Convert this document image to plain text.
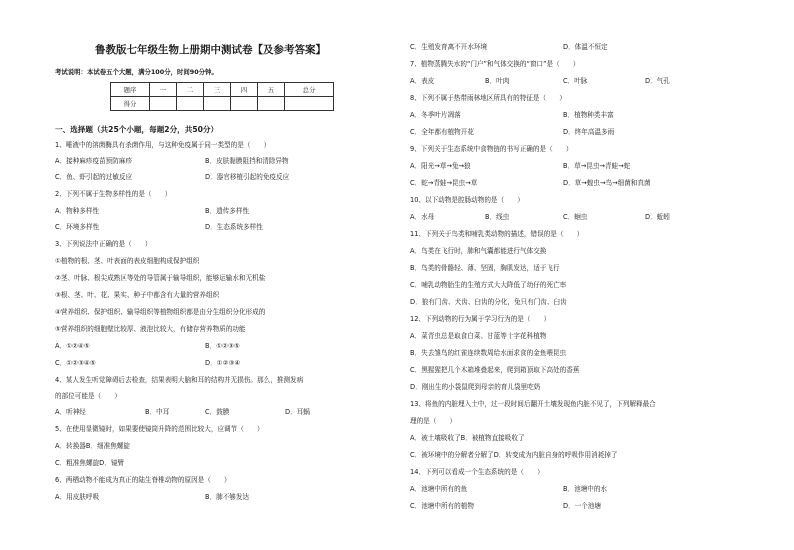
鲁教版七年级生物上册期中测试卷【及参考答案】
考试说明：本试卷五个大题，满分100分，时间90分钟。
题序	一	二	三	四	五	总分
得分						
一、选择题（共25个小题，每题2分，共50分）
1、唾液中的溶菌酶具有杀菌作用，与这种免疫属于同一类型的是（　　）
A．接种麻疹疫苗预防麻疹	B．皮肤黏膜阻挡和清除异物
C．鱼、虾引起的过敏反应	D．器官移植引起的免疫反应
2、下列不属于生物多样性的是（　　）
A．物种多样性	B．遗传多样性
C．环境多样性	D．生态系统多样性
3、下列说法中正确的是（　　）
①植物的根、茎、叶表面的表皮细胞构成保护组织
②茎、叶脉、根尖成熟区等处的导管属于输导组织，能够运输水和无机盐
③根、茎、叶、花、果实、种子中都含有大量的营养组织
④营养组织、保护组织、输导组织等植物组织都是由分生组织分化形成的
⑤营养组织的细胞壁比较厚、液泡比较大，有储存营养物质的功能
A．①②④⑤	B．①②③⑤
C．①②③④⑤	D．①②③④
4、某人发生听觉障碍后去检查，结果表明大脑和耳的结构并无损伤。那么，推测发病
的部位可能是（　　）
A．听神经	B．中耳	C．鼓膜	D．耳蜗
5、在使用显微镜时，如果要使镜筒升降的范围比较大，应调节（　　）
A．转换器B．细准焦螺旋
C．粗准焦螺旋D．镜臂
6、两栖动物不能成为真正的陆生脊椎动物的原因是（　　）
A．用皮肤呼吸	B．肺不够发达
C．生殖发育离不开水环境	D．体温不恒定
7、植物蒸腾失水的“门户”和气体交换的“窗口”是（　　）
A．表皮	B．叶肉	C．叶脉	D．气孔
8、下列不属于热带雨林地区所具有的特征是（　　）
A．冬季叶片凋落	B．植物种类丰富
C．全年都有植物开花	D．终年高温多雨
9、下列关于生态系统中食物链的书写正确的是（　　）
A．阳光→草→兔→狼	B．草→昆虫→青蛙→蛇
C．蛇→青蛙→昆虫→草	D．草→蝗虫→鸟→细菌和真菌
10、以下动物是腔肠动物的是（　　）
A．水母	B．线虫	C．蛔虫	D．蚯蚓
11、下列关于鸟类和哺乳类动物的描述，错误的是（　　）
A．鸟类在飞行时，肺和气囊都能进行气体交换
B．鸟类的骨骼轻、薄、坚固，胸肌发达，适于飞行
C．哺乳动物胎生的生殖方式大大降低了幼仔的死亡率
D．狼有门齿、犬齿、臼齿的分化，兔只有门齿、臼齿
12、下列动物的行为属于学习行为的是（　　）
A．菜青虫总是取食白菜、甘蓝等十字花科植物
B．失去雏鸟的红雀连续数周给水面求食的金鱼喂昆虫
C．黑猩猩把几个木箱堆叠起来，爬到箱顶取下高处的香蕉
D．刚出生的小袋鼠爬到母亲的育儿袋里吃奶
13、将鱼的内脏埋入土中，过一段时间后翻开土壤发现鱼内脏不见了，下列解释最合
理的是（　　）
A．被土壤吸收了B．被植物直接吸收了
C．被环境中的分解者分解了D．转变成为内脏自身的呼吸作用消耗掉了
14、下列可以看成一个生态系统的是（　　）
A．池塘中所有的鱼	B．池塘中的水
C．池塘中所有的植物	D．一个池塘
